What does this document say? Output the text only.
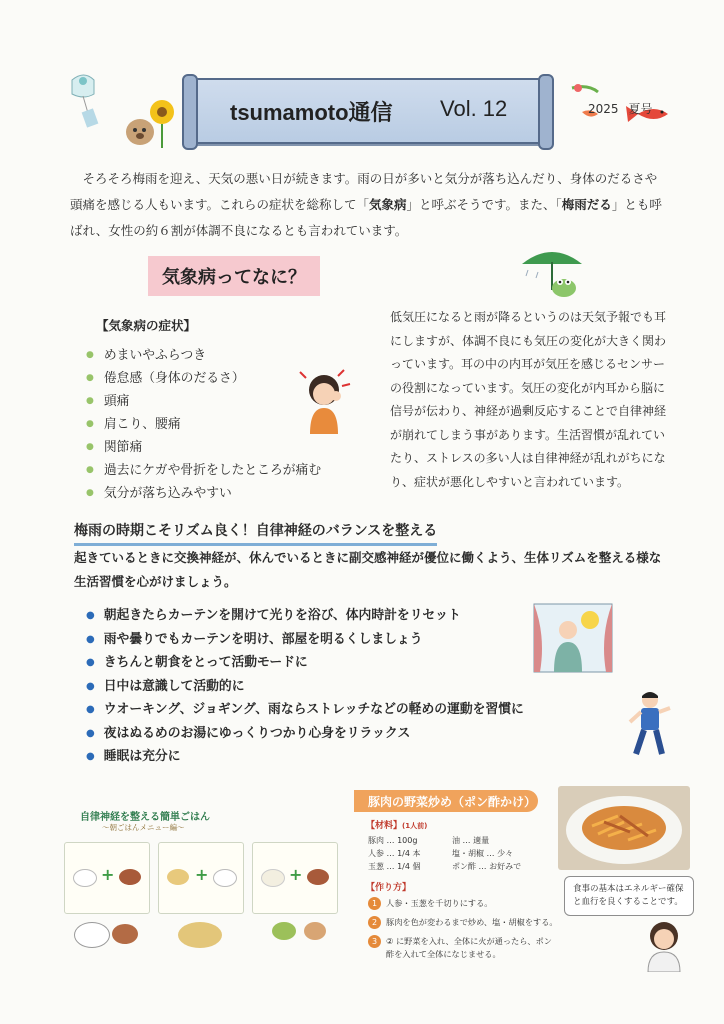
tsumamoto通信 Vol. 12	2025 夏号
そろそろ梅雨を迎え、天気の悪い日が続きます。雨の日が多いと気分が落ち込んだり、身体のだるさや頭痛を感じる人もいます。これらの症状を総称して「気象病」と呼ぶそうです。また、「梅雨だる」とも呼ばれ、女性の約６割が体調不良になるとも言われています。
気象病ってなに？
【気象病の症状】
● めまいやふらつき
● 倦怠感（身体のだるさ）
● 頭痛
● 肩こり、腰痛
● 関節痛
● 過去にケガや骨折をしたところが痛む
● 気分が落ち込みやすい
低気圧になると雨が降るというのは天気予報でも耳にしますが、体調不良にも気圧の変化が大きく関わっています。耳の中の内耳が気圧を感じるセンサーの役割になっています。気圧の変化が内耳から脳に信号が伝わり、神経が過剰反応することで自律神経が崩れてしまう事があります。生活習慣が乱れていたり、ストレスの多い人は自律神経が乱れがちになり、症状が悪化しやすいと言われています。
梅雨の時期こそリズム良く！自律神経のバランスを整える
起きているときに交換神経が、休んでいるときに副交感神経が優位に働くよう、生体リズムを整える様な生活習慣を心がけましょう。
● 朝起きたらカーテンを開けて光りを浴び、体内時計をリセット
● 雨や曇りでもカーテンを明け、部屋を明るくしましょう
● きちんと朝食をとって活動モードに
● 日中は意識して活動的に
● ウオーキング、ジョギング、雨ならストレッチなどの軽めの運動を習慣に
● 夜はぬるめのお湯にゆっくりつかり心身をリラックス
● 睡眠は充分に
自律神経を整える簡単ごはん
〜朝ごはんメニュー編〜
+	+	+
豚肉の野菜炒め（ポン酢かけ）
【材料】(1人前)
豚肉 … 100g
人参 … 1/4 本
玉葱 … 1/4 個
油 … 適量
塩・胡椒 … 少々
ポン酢 … お好みで
【作り方】
1	人参・玉葱を千切りにする。
2	豚肉を色が変わるまで炒め、塩・胡椒をする。
3	② に野菜を入れ、全体に火が通ったら、ポン酢を入れて全体になじませる。
食事の基本はエネルギー確保と血行を良くすることです。
